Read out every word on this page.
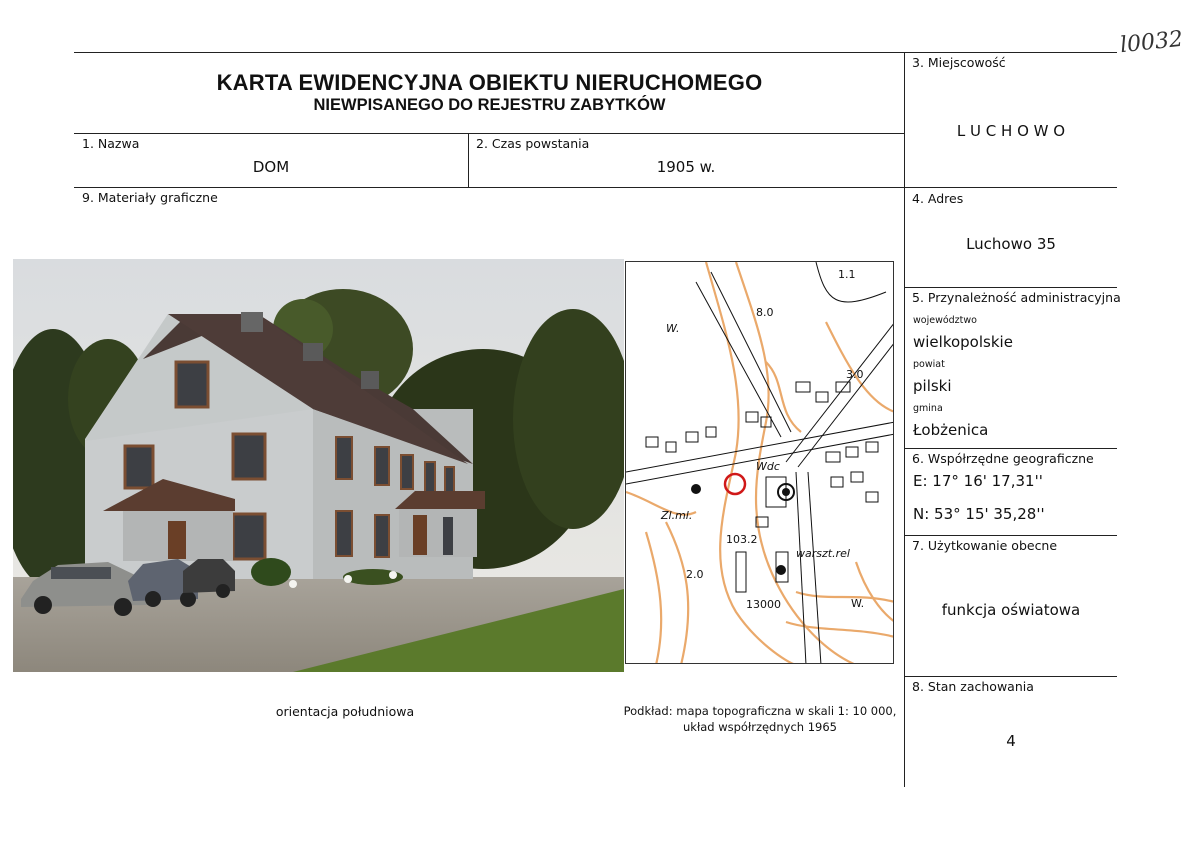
l0032
KARTA EWIDENCYJNA OBIEKTU NIERUCHOMEGO
NIEWPISANEGO DO REJESTRU ZABYTKÓW
1. Nazwa
DOM
2. Czas powstania
1905 w.
3. Miejscowość
L U C H O W O
9. Materiały graficzne	4. Adres
Luchowo 35
5. Przynależność administracyjna
województwo
wielkopolskie
powiat
pilski
gmina
Łobżenica
6. Współrzędne geograficzne
E: 17° 16' 17,31''
N: 53° 15' 35,28''
7. Użytkowanie obecne
funkcja oświatowa
8. Stan zachowania
4
1.1
8.0
3.0
W.
Wdc
Zl.ml.
103.2
warszt.rel
2.0
13000	W.
orientacja południowa	Podkład: mapa topograficzna w skali 1: 10 000,
układ współrzędnych 1965
